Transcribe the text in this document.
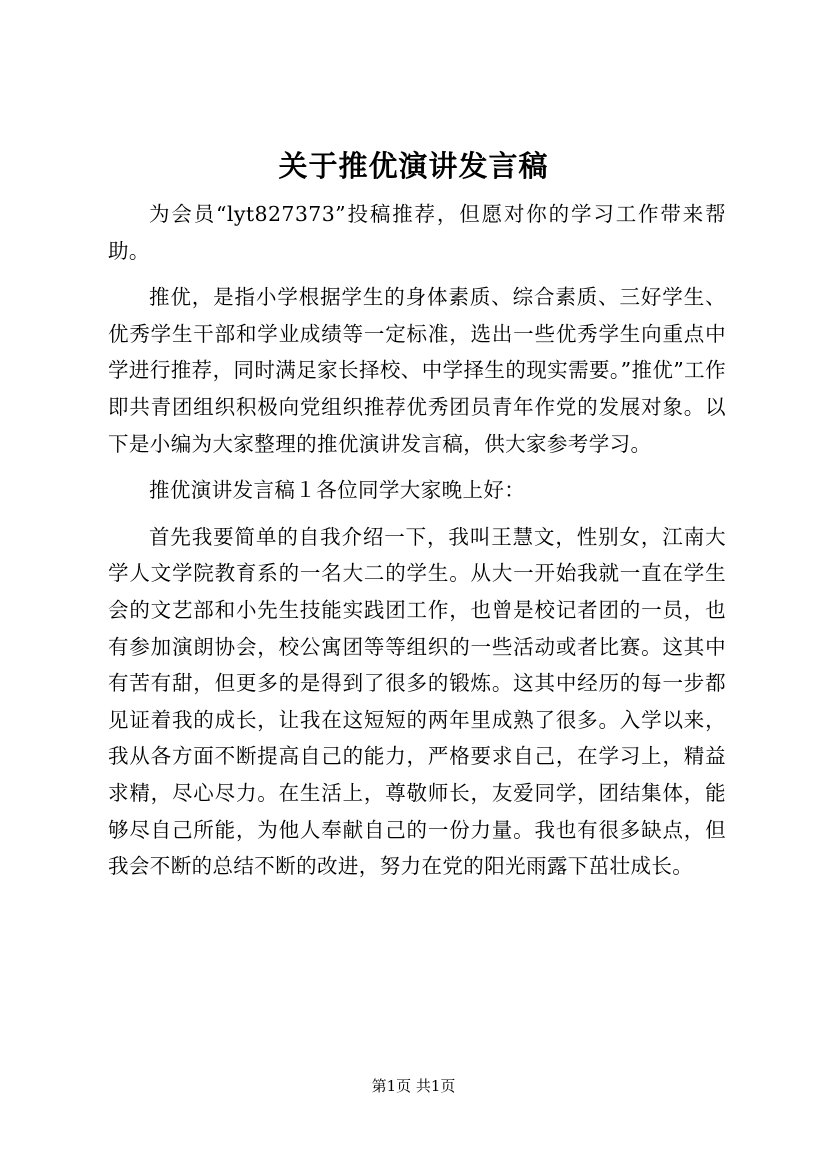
关于推优演讲发言稿

为会员“lyt827373”投稿推荐，但愿对你的学习工作带来帮助。

推优，是指小学根据学生的身体素质、综合素质、三好学生、优秀学生干部和学业成绩等一定标准，选出一些优秀学生向重点中学进行推荐，同时满足家长择校、中学择生的现实需要。”推优”工作即共青团组织积极向党组织推荐优秀团员青年作党的发展对象。以下是小编为大家整理的推优演讲发言稿，供大家参考学习。

推优演讲发言稿１各位同学大家晚上好：

首先我要简单的自我介绍一下，我叫王慧文，性别女，江南大学人文学院教育系的一名大二的学生。从大一开始我就一直在学生会的文艺部和小先生技能实践团工作，也曾是校记者团的一员，也有参加演朗协会，校公寓团等等组织的一些活动或者比赛。这其中有苦有甜，但更多的是得到了很多的锻炼。这其中经历的每一步都见证着我的成长，让我在这短短的两年里成熟了很多。入学以来，我从各方面不断提高自己的能力，严格要求自己，在学习上，精益求精，尽心尽力。在生活上，尊敬师长，友爱同学，团结集体，能够尽自己所能，为他人奉献自己的一份力量。我也有很多缺点，但我会不断的总结不断的改进，努力在党的阳光雨露下茁壮成长。

第1页 共1页
